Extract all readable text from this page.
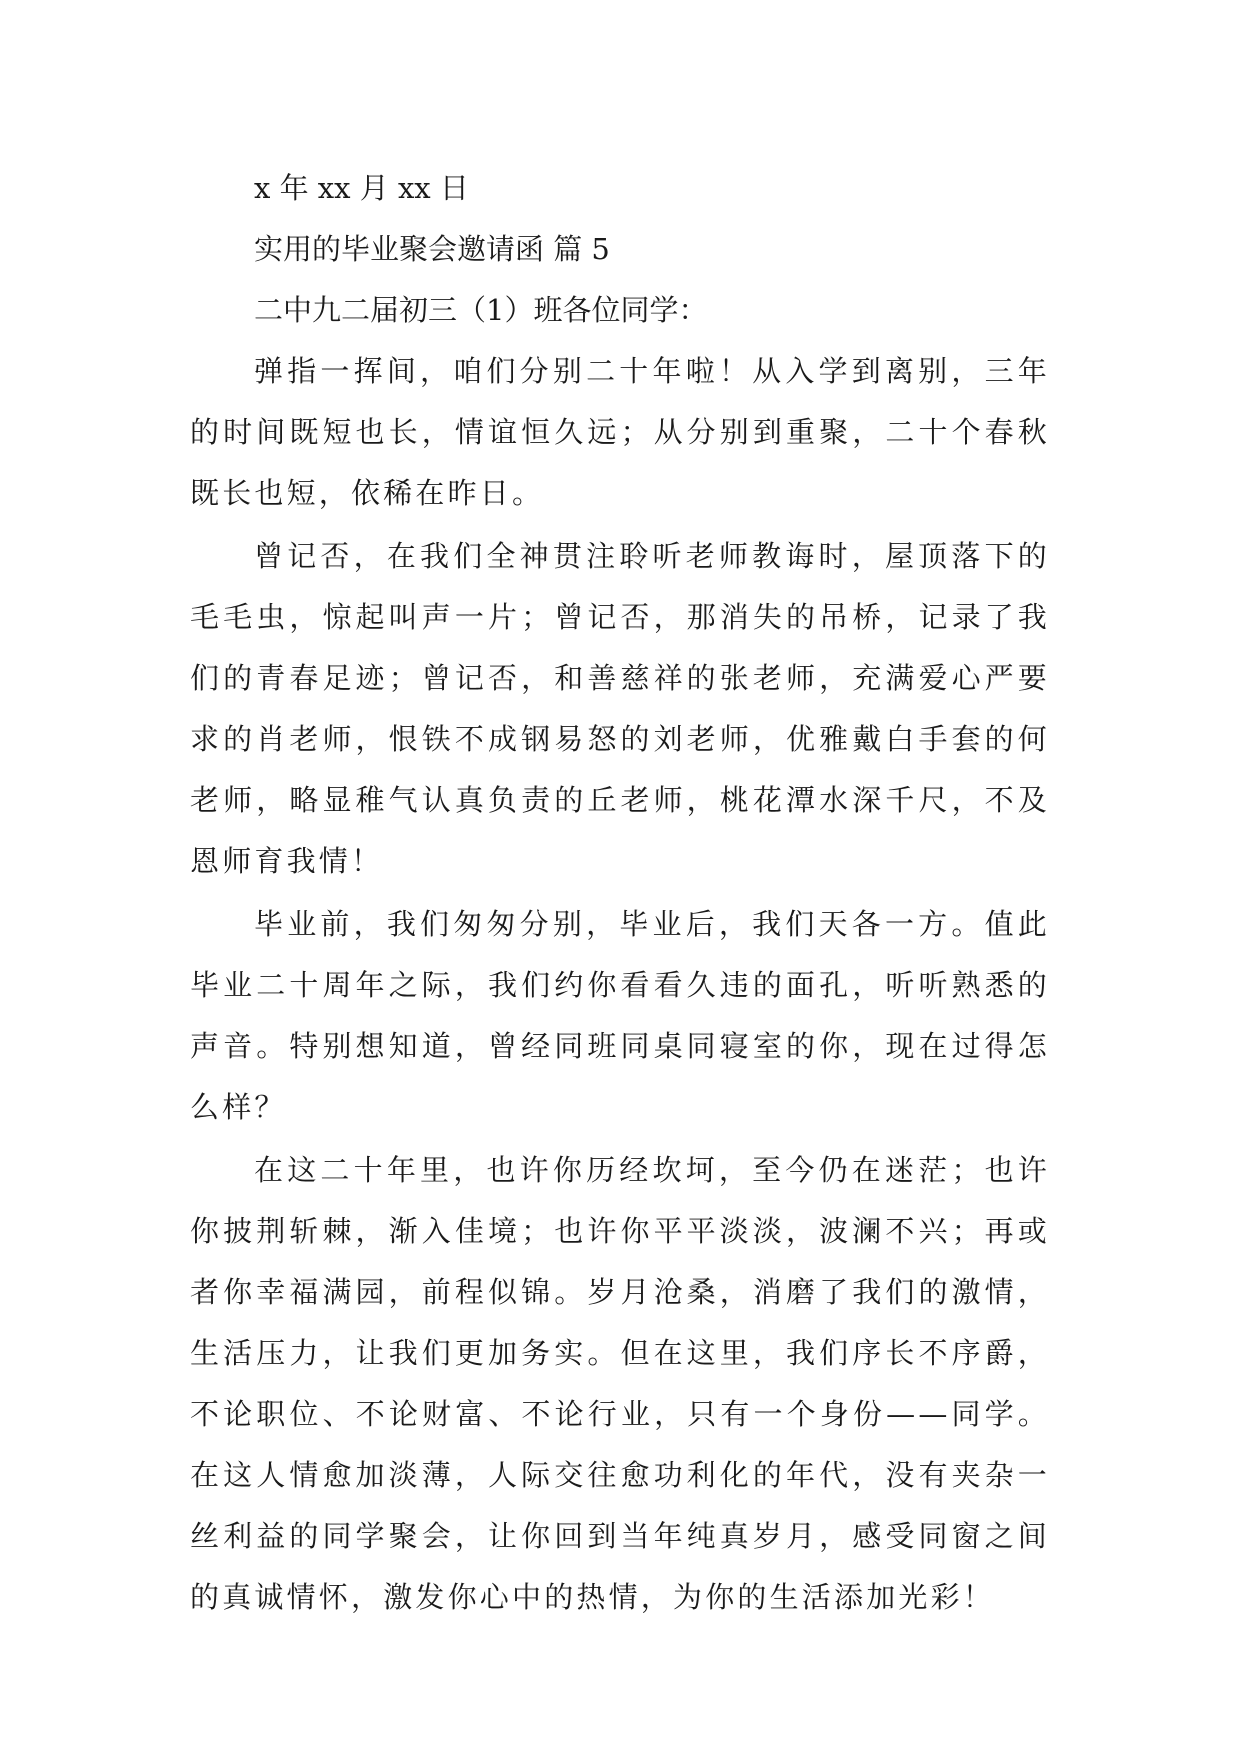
x 年 xx 月 xx 日
实用的毕业聚会邀请函 篇 5
二中九二届初三（1）班各位同学：

弹指一挥间，咱们分别二十年啦！从入学到离别，三年的时间既短也长，情谊恒久远；从分别到重聚，二十个春秋既长也短，依稀在昨日。

曾记否，在我们全神贯注聆听老师教诲时，屋顶落下的毛毛虫，惊起叫声一片；曾记否，那消失的吊桥，记录了我们的青春足迹；曾记否，和善慈祥的张老师，充满爱心严要求的肖老师，恨铁不成钢易怒的刘老师，优雅戴白手套的何老师，略显稚气认真负责的丘老师，桃花潭水深千尺，不及恩师育我情！

毕业前，我们匆匆分别，毕业后，我们天各一方。值此毕业二十周年之际，我们约你看看久违的面孔，听听熟悉的声音。特别想知道，曾经同班同桌同寝室的你，现在过得怎么样？

在这二十年里，也许你历经坎坷，至今仍在迷茫；也许你披荆斩棘，渐入佳境；也许你平平淡淡，波澜不兴；再或者你幸福满园，前程似锦。岁月沧桑，消磨了我们的激情，生活压力，让我们更加务实。但在这里，我们序长不序爵，不论职位、不论财富、不论行业，只有一个身份——同学。在这人情愈加淡薄，人际交往愈功利化的年代，没有夹杂一丝利益的同学聚会，让你回到当年纯真岁月，感受同窗之间的真诚情怀，激发你心中的热情，为你的生活添加光彩！
